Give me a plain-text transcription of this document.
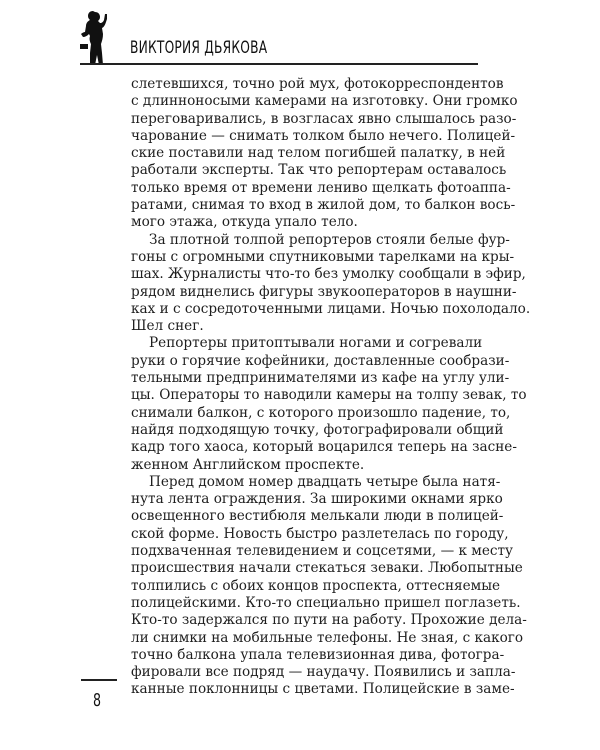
ВИКТОРИЯ ДЬЯКОВА
слетевшихся, точно рой мух, фотокорреспондентов
с длинноносыми камерами на изготовку. Они громко
переговаривались, в возгласах явно слышалось разо-
чарование — снимать толком было нечего. Полицей-
ские поставили над телом погибшей палатку, в ней
работали эксперты. Так что репортерам оставалось
только время от времени лениво щелкать фотоаппа-
ратами, снимая то вход в жилой дом, то балкон вось-
мого этажа, откуда упало тело.
За плотной толпой репортеров стояли белые фур-
гоны с огромными спутниковыми тарелками на кры-
шах. Журналисты что-то без умолку сообщали в эфир,
рядом виднелись фигуры звукооператоров в наушни-
ках и с сосредоточенными лицами. Ночью похолодало.
Шел снег.
Репортеры притоптывали ногами и согревали
руки о горячие кофейники, доставленные сообрази-
тельными предпринимателями из кафе на углу ули-
цы. Операторы то наводили камеры на толпу зевак, то
снимали балкон, с которого произошло падение, то,
найдя подходящую точку, фотографировали общий
кадр того хаоса, который воцарился теперь на засне-
женном Английском проспекте.
Перед домом номер двадцать четыре была натя-
нута лента ограждения. За широкими окнами ярко
освещенного вестибюля мелькали люди в полицей-
ской форме. Новость быстро разлетелась по городу,
подхваченная телевидением и соцсетями, — к месту
происшествия начали стекаться зеваки. Любопытные
толпились с обоих концов проспекта, оттесняемые
полицейскими. Кто-то специально пришел поглазеть.
Кто-то задержался по пути на работу. Прохожие дела-
ли снимки на мобильные телефоны. Не зная, с какого
точно балкона упала телевизионная дива, фотогра-
фировали все подряд — наудачу. Появились и запла-
канные поклонницы с цветами. Полицейские в заме-
8
